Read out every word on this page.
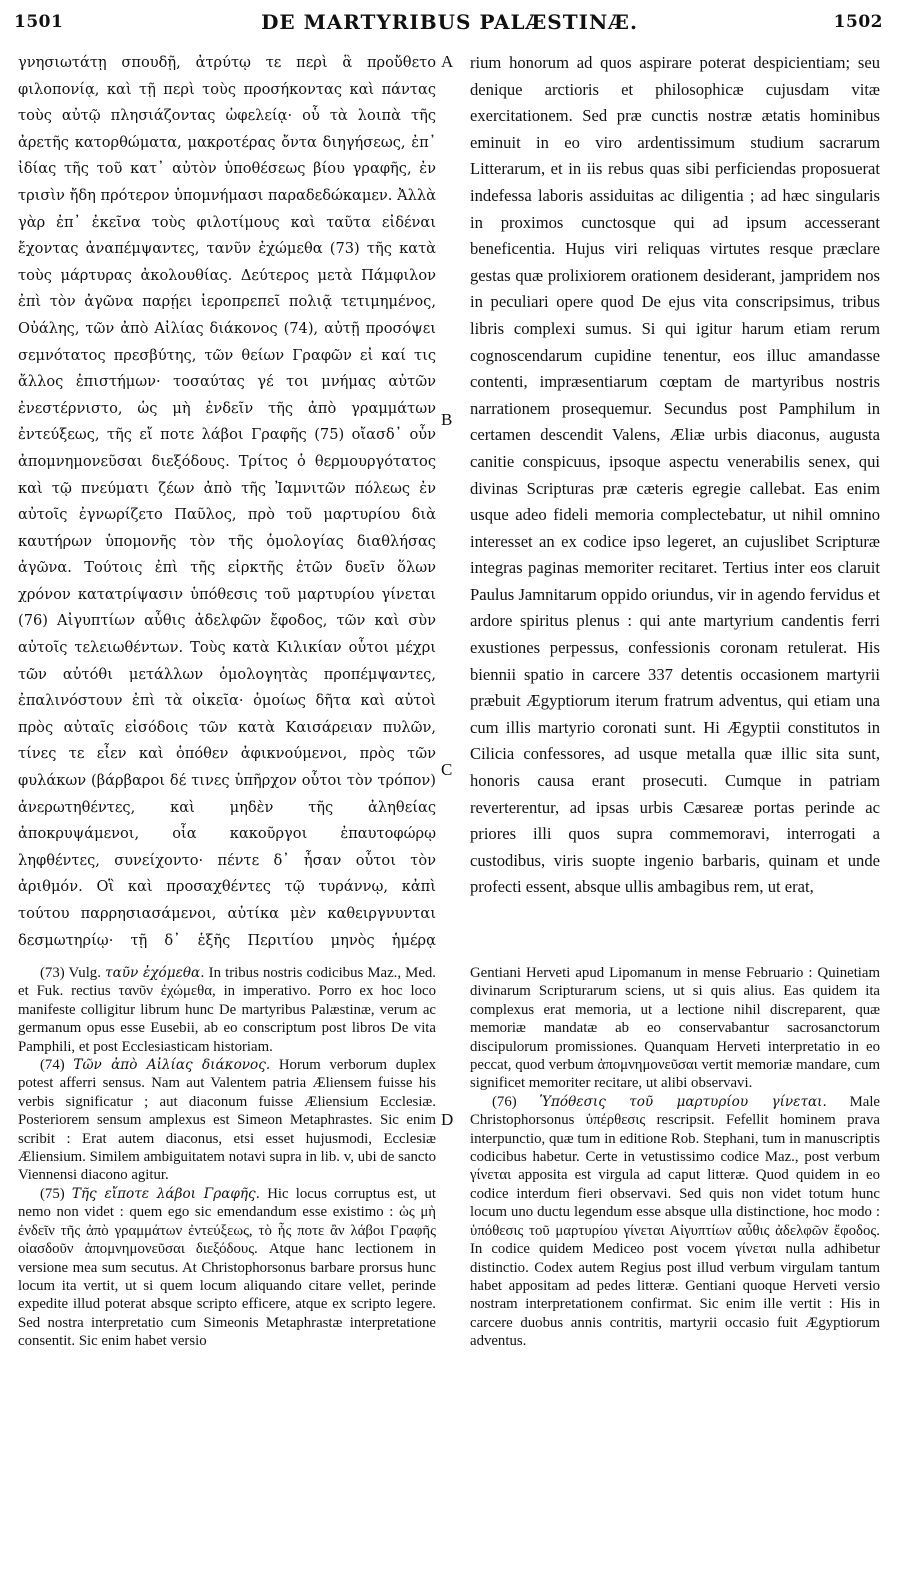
1501	DE MARTYRIBUS PALÆSTINÆ.	1502

γνησιωτάτῃ σπουδῇ, ἀτρύτῳ τε περὶ ἃ προὔθετο φιλοπονίᾳ, καὶ τῇ περὶ τοὺς προσήκοντας καὶ πάντας τοὺς αὐτῷ πλησιάζοντας ὠφελείᾳ· οὗ τὰ λοιπὰ τῆς ἀρετῆς κατορθώματα, μακροτέρας ὄντα διηγήσεως, ἐπ᾽ ἰδίας τῆς τοῦ κατ᾽ αὐτὸν ὑποθέσεως βίου γραφῆς, ἐν τρισὶν ἤδη πρότερον ὑπομνήμασι παραδεδώκαμεν. Ἀλλὰ γὰρ ἐπ᾽ ἐκεῖνα τοὺς φιλοτίμους καὶ ταῦτα εἰδέναι ἔχοντας ἀναπέμψαντες, τανῦν ἐχώμεθα (73) τῆς κατὰ τοὺς μάρτυρας ἀκολουθίας. Δεύτερος μετὰ Πάμφιλον ἐπὶ τὸν ἀγῶνα παρῄει ἱεροπρεπεῖ πολιᾷ τετιμημένος, Οὐάλης, τῶν ἀπὸ Αἰλίας διάκονος (74), αὐτῇ προσόψει σεμνότατος πρεσβύτης, τῶν θείων Γραφῶν εἰ καί τις ἄλλος ἐπιστήμων· τοσαύτας γέ τοι μνήμας αὐτῶν ἐνεστέρνιστο, ὡς μὴ ἐνδεῖν τῆς ἀπὸ γραμμάτων ἐντεύξεως, τῆς εἴ ποτε λάβοι Γραφῆς (75) οἴασδ᾽ οὖν ἀπομνημονεῦσαι διεξόδους. Τρίτος ὁ θερμουργότατος καὶ τῷ πνεύματι ζέων ἀπὸ τῆς Ἰαμνιτῶν πόλεως ἐν αὐτοῖς ἐγνωρίζετο Παῦλος, πρὸ τοῦ μαρτυρίου διὰ καυτήρων ὑπομονῆς τὸν τῆς ὁμολογίας διαθλήσας ἀγῶνα. Τούτοις ἐπὶ τῆς εἱρκτῆς ἐτῶν δυεῖν ὅλων χρόνον κατατρίψασιν ὑπόθεσις τοῦ μαρτυρίου γίνεται (76) Αἰγυπτίων αὖθις ἀδελφῶν ἔφοδος, τῶν καὶ σὺν αὐτοῖς τελειωθέντων. Τοὺς κατὰ Κιλικίαν οὗτοι μέχρι τῶν αὐτόθι μετάλλων ὁμολογητὰς προπέμψαντες, ἐπαλινόστουν ἐπὶ τὰ οἰκεῖα· ὁμοίως δῆτα καὶ αὐτοὶ πρὸς αὐταῖς εἰσόδοις τῶν κατὰ Καισάρειαν πυλῶν, τίνες τε εἶεν καὶ ὁπόθεν ἀφικνούμενοι, πρὸς τῶν φυλάκων (βάρβαροι δέ τινες ὑπῆρχον οὗτοι τὸν τρόπον) ἀνερωτηθέντες, καὶ μηδὲν τῆς ἀληθείας ἀποκρυψάμενοι, οἷα κακοῦργοι ἐπαυτοφώρῳ ληφθέντες, συνείχοντο· πέντε δ᾽ ἦσαν οὗτοι τὸν ἀριθμόν. Οἳ καὶ προσαχθέντες τῷ τυράννῳ, κἀπὶ τούτου παρρησιασάμενοι, αὐτίκα μὲν καθειργνυνται δεσμωτηρίῳ· τῇ δ᾽ ἑξῆς Περιτίου μηνὸς ἡμέρᾳ

A
B
C
D

rium honorum ad quos aspirare poterat despicientiam; seu denique arctioris et philosophicæ cujusdam vitæ exercitationem. Sed præ cunctis nostræ ætatis hominibus eminuit in eo viro ardentissimum studium sacrarum Litterarum, et in iis rebus quas sibi perficiendas proposuerat indefessa laboris assiduitas ac diligentia ; ad hæc singularis in proximos cunctosque qui ad ipsum accesserant beneficentia. Hujus viri reliquas virtutes resque præclare gestas quæ prolixiorem orationem desiderant, jampridem nos in peculiari opere quod De ejus vita conscripsimus, tribus libris complexi sumus. Si qui igitur harum etiam rerum cognoscendarum cupidine tenentur, eos illuc amandasse contenti, impræsentiarum cœptam de martyribus nostris narrationem prosequemur. Secundus post Pamphilum in certamen descendit Valens, Æliæ urbis diaconus, augusta canitie conspicuus, ipsoque aspectu venerabilis senex, qui divinas Scripturas præ cæteris egregie callebat. Eas enim usque adeo fideli memoria complectebatur, ut nihil omnino interesset an ex codice ipso legeret, an cujuslibet Scripturæ integras paginas memoriter recitaret. Tertius inter eos claruit Paulus Jamnitarum oppido oriundus, vir in agendo fervidus et ardore spiritus plenus : qui ante martyrium candentis ferri exustiones perpessus, confessionis coronam retulerat. His biennii spatio in carcere 337 detentis occasionem martyrii præbuit Ægyptiorum iterum fratrum adventus, qui etiam una cum illis martyrio coronati sunt. Hi Ægyptii constitutos in Cilicia confessores, ad usque metalla quæ illic sita sunt, honoris causa erant prosecuti. Cumque in patriam reverterentur, ad ipsas urbis Cæsareæ portas perinde ac priores illi quos supra commemoravi, interrogati a custodibus, viris suopte ingenio barbaris, quinam et unde profecti essent, absque ullis ambagibus rem, ut erat,

(73) Vulg. ταῦν ἐχόμεθα. In tribus nostris codicibus Maz., Med. et Fuk. rectius τανῦν ἐχώμεθα, in imperativo. Porro ex hoc loco manifeste colligitur librum hunc De martyribus Palæstinæ, verum ac germanum opus esse Eusebii, ab eo conscriptum post libros De vita Pamphili, et post Ecclesiasticam historiam.

(74) Τῶν ἀπὸ Αἰλίας διάκονος. Horum verborum duplex potest afferri sensus. Nam aut Valentem patria Æliensem fuisse his verbis significatur ; aut diaconum fuisse Æliensium Ecclesiæ. Posteriorem sensum amplexus est Simeon Metaphrastes. Sic enim scribit : Erat autem diaconus, etsi esset hujusmodi, Ecclesiæ Æliensium. Similem ambiguitatem notavi supra in lib. v, ubi de sancto Viennensi diacono agitur.

(75) Τῆς εἴποτε λάβοι Γραφῆς. Hic locus corruptus est, ut nemo non videt : quem ego sic emendandum esse existimo : ὡς μὴ ἐνδεῖν τῆς ἀπὸ γραμμάτων ἐντεύξεως, τὸ ἧς ποτε ἂν λάβοι Γραφῆς οἱασδοῦν ἀπομνημονεῦσαι διεξόδους. Atque hanc lectionem in versione mea sum secutus. At Christophorsonus barbare prorsus hunc locum ita vertit, ut si quem locum aliquando citare vellet, perinde expedite illud poterat absque scripto efficere, atque ex scripto legere. Sed nostra interpretatio cum Simeonis Metaphrastæ interpretatione consentit. Sic enim habet versio

Gentiani Herveti apud Lipomanum in mense Februario : Quinetiam divinarum Scripturarum sciens, ut si quis alius. Eas quidem ita complexus erat memoria, ut a lectione nihil discreparent, quæ memoriæ mandatæ ab eo conservabantur sacrosanctorum discipulorum promissiones. Quanquam Herveti interpretatio in eo peccat, quod verbum ἀπομνημονεῦσαι vertit memoriæ mandare, cum significet memoriter recitare, ut alibi observavi.

(76) Ὑπόθεσις τοῦ μαρτυρίου γίνεται. Male Christophorsonus ὑπέρθεσις rescripsit. Fefellit hominem prava interpunctio, quæ tum in editione Rob. Stephani, tum in manuscriptis codicibus habetur. Certe in vetustissimo codice Maz., post verbum γίνεται apposita est virgula ad caput litteræ. Quod quidem in eo codice interdum fieri observavi. Sed quis non videt totum hunc locum uno ductu legendum esse absque ulla distinctione, hoc modo : ὑπόθεσις τοῦ μαρτυρίου γίνεται Αἰγυπτίων αὖθις ἀδελφῶν ἔφοδος. In codice quidem Mediceo post vocem γίνεται nulla adhibetur distinctio. Codex autem Regius post illud verbum virgulam tantum habet appositam ad pedes litteræ. Gentiani quoque Herveti versio nostram interpretationem confirmat. Sic enim ille vertit : His in carcere duobus annis contritis, martyrii occasio fuit Ægyptiorum adventus.
